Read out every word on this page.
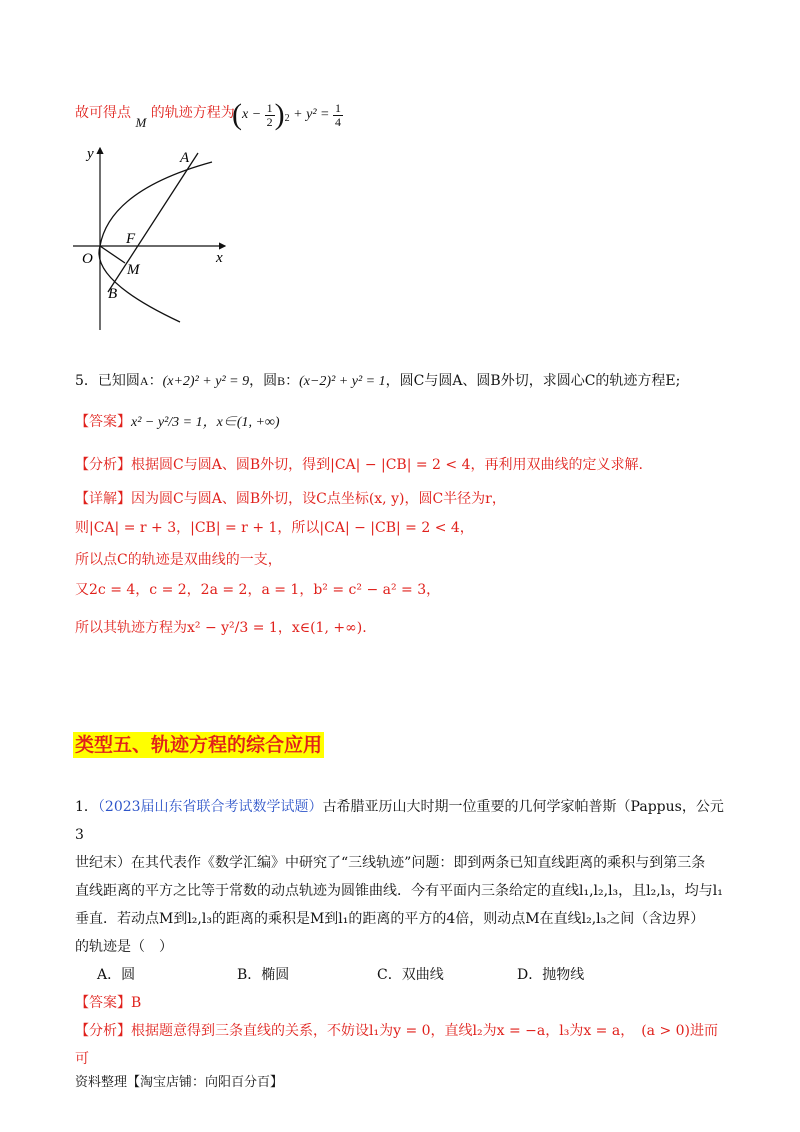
故可得点 M 的轨迹方程为
$(x - \frac{1}{2} )^2 + y^2 = \frac{1}{4}$
y
x
O
A
F
M
B
5．已知圆A：(x+2)² + y² = 9，圆B：(x−2)² + y² = 1，圆C与圆A、圆B外切，求圆心C的轨迹方程E;
【答案】x² − y²/3 = 1，x∈(1, +∞)
【分析】根据圆C与圆A、圆B外切，得到|CA| − |CB| = 2 < 4，再利用双曲线的定义求解.
【详解】因为圆C与圆A、圆B外切，设C点坐标(x, y)，圆C半径为r，
则|CA| = r + 3，|CB| = r + 1，所以|CA| − |CB| = 2 < 4，
所以点C的轨迹是双曲线的一支，
又2c = 4，c = 2，2a = 2，a = 1，b² = c² − a² = 3，
所以其轨迹方程为x² − y²/3 = 1，x∈(1, +∞).
类型五、轨迹方程的综合应用
1．（2023届山东省联合考试数学试题）古希腊亚历山大时期一位重要的几何学家帕普斯（Pappus，公元3
世纪末）在其代表作《数学汇编》中研究了“三线轨迹”问题：即到两条已知直线距离的乘积与到第三条
直线距离的平方之比等于常数的动点轨迹为圆锥曲线．今有平面内三条给定的直线l₁,l₂,l₃，且l₂,l₃，均与l₁
垂直．若动点M到l₂,l₃的距离的乘积是M到l₁的距离的平方的4倍，则动点M在直线l₂,l₃之间（含边界）
的轨迹是（　）
A．圆	B．椭圆	C．双曲线	D．抛物线
【答案】B
【分析】根据题意得到三条直线的关系，不妨设l₁为y = 0，直线l₂为x = −a，l₃为x = a，　(a > 0)进而可
资料整理【淘宝店铺：向阳百分百】
